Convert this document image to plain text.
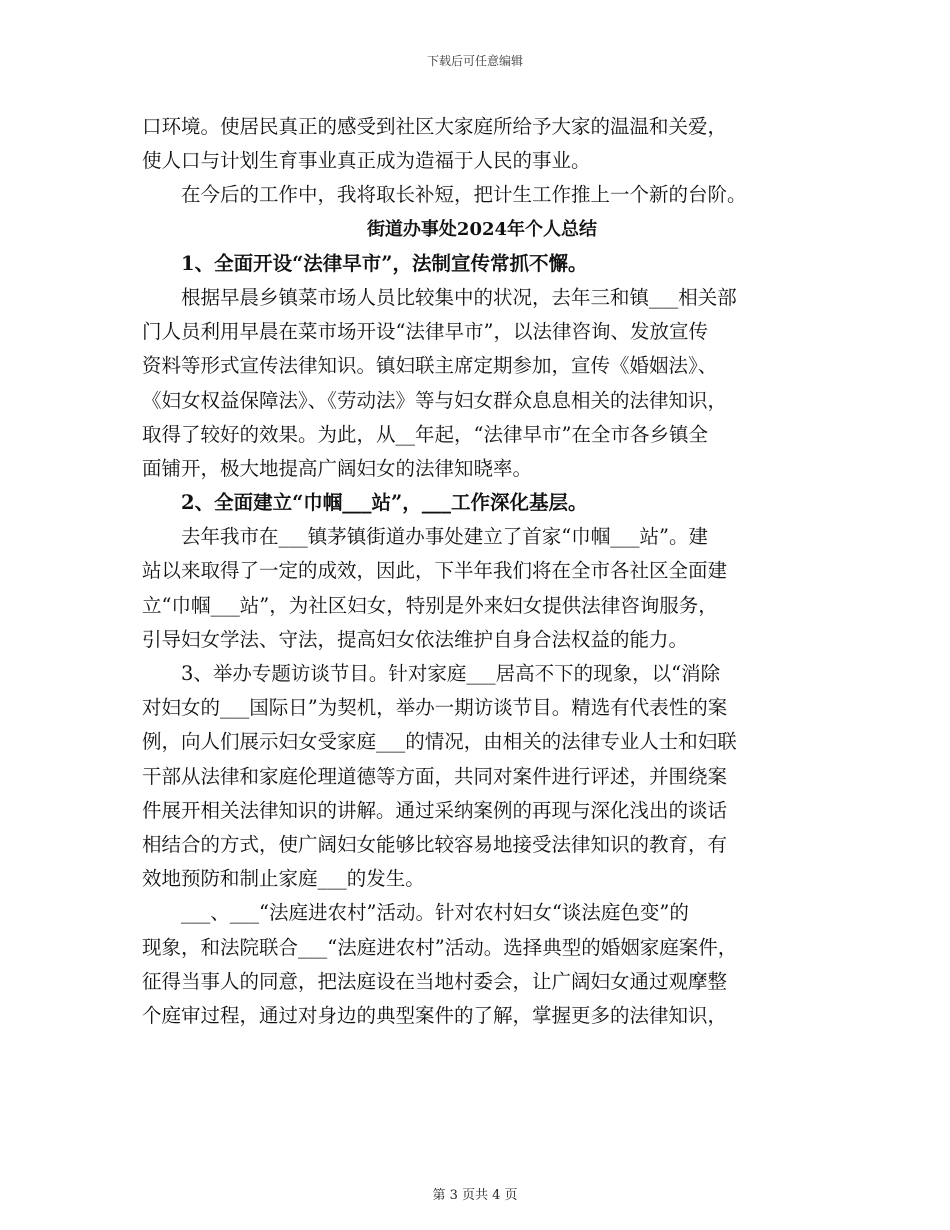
下载后可任意编辑
口环境。使居民真正的感受到社区大家庭所给予大家的温温和关爱，
使人口与计划生育事业真正成为造福于人民的事业。
　　在今后的工作中，我将取长补短，把计生工作推上一个新的台阶。
街道办事处2024年个人总结
　　1、全面开设“法律早市”，法制宣传常抓不懈。
　　根据早晨乡镇菜市场人员比较集中的状况，去年三和镇___相关部
门人员利用早晨在菜市场开设“法律早市”，以法律咨询、发放宣传
资料等形式宣传法律知识。镇妇联主席定期参加，宣传《婚姻法》、
《妇女权益保障法》、《劳动法》等与妇女群众息息相关的法律知识，
取得了较好的效果。为此，从__年起，“法律早市”在全市各乡镇全
面铺开，极大地提高广阔妇女的法律知晓率。
　　2、全面建立“巾帼___站”，___工作深化基层。
　　去年我市在___镇茅镇街道办事处建立了首家“巾帼___站”。建
站以来取得了一定的成效，因此，下半年我们将在全市各社区全面建
立“巾帼___站”，为社区妇女，特别是外来妇女提供法律咨询服务，
引导妇女学法、守法，提高妇女依法维护自身合法权益的能力。
　　3、举办专题访谈节目。针对家庭___居高不下的现象，以“消除
对妇女的___国际日”为契机，举办一期访谈节目。精选有代表性的案
例，向人们展示妇女受家庭___的情况，由相关的法律专业人士和妇联
干部从法律和家庭伦理道德等方面，共同对案件进行评述，并围绕案
件展开相关法律知识的讲解。通过采纳案例的再现与深化浅出的谈话
相结合的方式，使广阔妇女能够比较容易地接受法律知识的教育，有
效地预防和制止家庭___的发生。
　　___、___“法庭进农村”活动。针对农村妇女“谈法庭色变”的
现象，和法院联合___“法庭进农村”活动。选择典型的婚姻家庭案件，
征得当事人的同意，把法庭设在当地村委会，让广阔妇女通过观摩整
个庭审过程，通过对身边的典型案件的了解，掌握更多的法律知识，
第 3 页共 4 页
